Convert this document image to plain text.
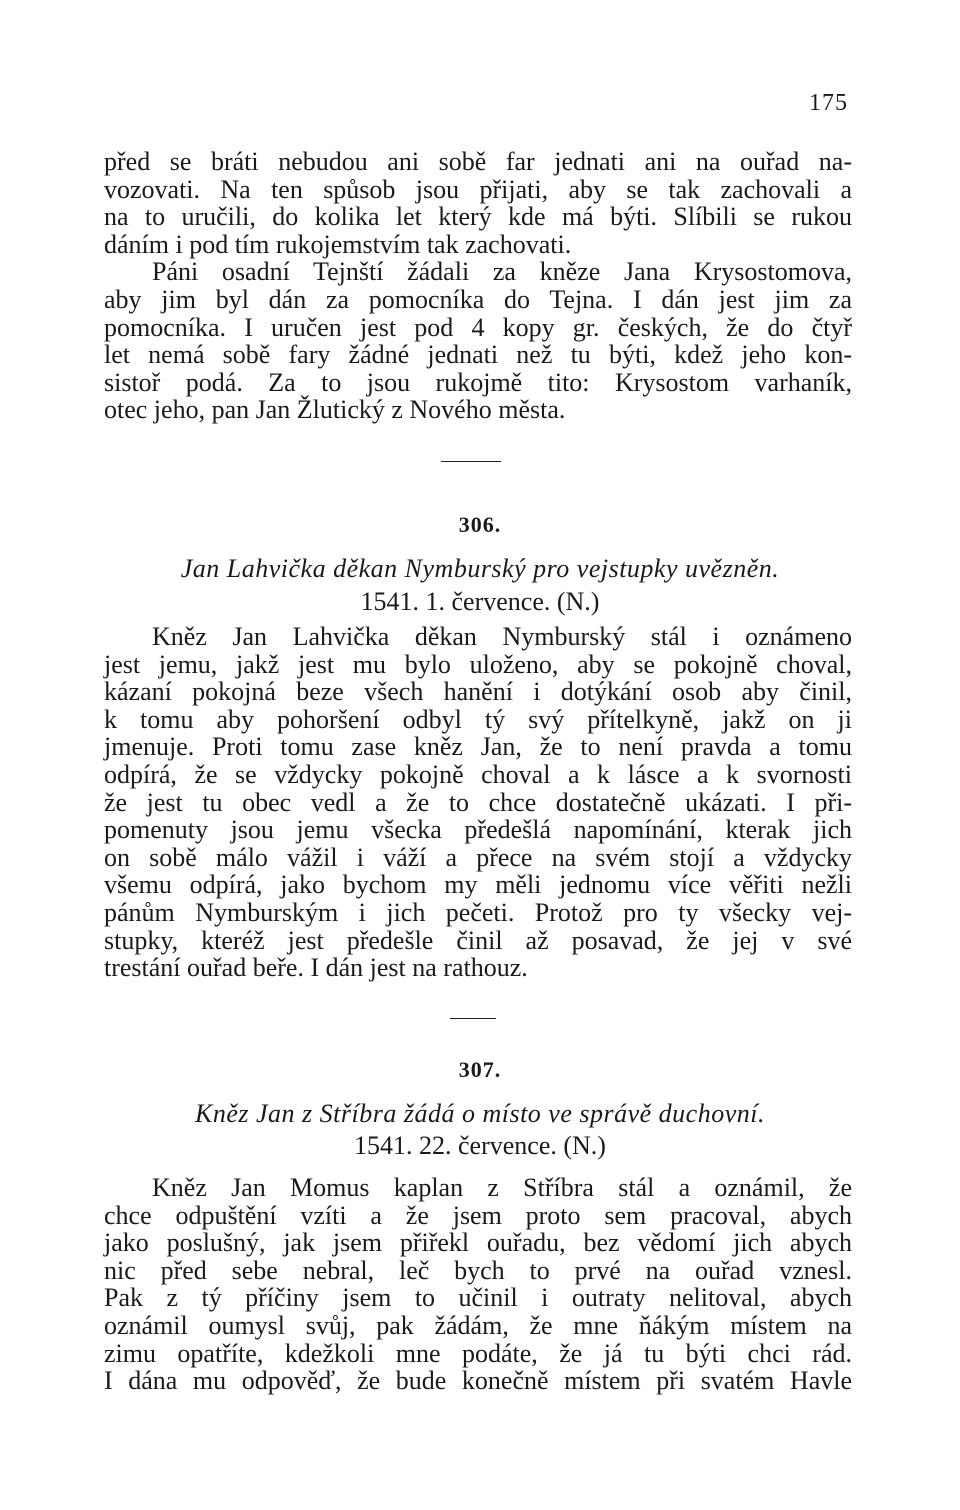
175
před se bráti nebudou ani sobě far jednati ani na ouřad na-
vozovati. Na ten spůsob jsou přijati, aby se tak zachovali a
na to uručili, do kolika let který kde má býti. Slíbili se rukou
dáním i pod tím rukojemstvím tak zachovati.
Páni osadní Tejnští žádali za kněze Jana Krysostomova,
aby jim byl dán za pomocníka do Tejna. I dán jest jim za
pomocníka. I uručen jest pod 4 kopy gr. českých, že do čtyř
let nemá sobě fary žádné jednati než tu býti, kdež jeho kon-
sistoř podá. Za to jsou rukojmě tito: Krysostom varhaník,
otec jeho, pan Jan Žlutický z Nového města.
306.
Jan Lahvička děkan Nymburský pro vejstupky uvězněn.
1541. 1. července. (N.)
Kněz Jan Lahvička děkan Nymburský stál i oznámeno
jest jemu, jakž jest mu bylo uloženo, aby se pokojně choval,
kázaní pokojná beze všech hanění i dotýkání osob aby činil,
k tomu aby pohoršení odbyl tý svý přítelkyně, jakž on ji
jmenuje. Proti tomu zase kněz Jan, že to není pravda a tomu
odpírá, že se vždycky pokojně choval a k lásce a k svornosti
že jest tu obec vedl a že to chce dostatečně ukázati. I při-
pomenuty jsou jemu všecka předešlá napomínání, kterak jich
on sobě málo vážil i váží a přece na svém stojí a vždycky
všemu odpírá, jako bychom my měli jednomu více věřiti nežli
pánům Nymburským i jich pečeti. Protož pro ty všecky vej-
stupky, kteréž jest předešle činil až posavad, že jej v své
trestání ouřad beře. I dán jest na rathouz.
307.
Kněz Jan z Stříbra žádá o místo ve správě duchovní.
1541. 22. července. (N.)
Kněz Jan Momus kaplan z Stříbra stál a oznámil, že
chce odpuštění vzíti a že jsem proto sem pracoval, abych
jako poslušný, jak jsem přiřekl ouřadu, bez vědomí jich abych
nic před sebe nebral, leč bych to prvé na ouřad vznesl.
Pak z tý příčiny jsem to učinil i outraty nelitoval, abych
oznámil oumysl svůj, pak žádám, že mne ňákým místem na
zimu opatříte, kdežkoli mne podáte, že já tu býti chci rád.
I dána mu odpověď, že bude konečně místem při svatém Havle
